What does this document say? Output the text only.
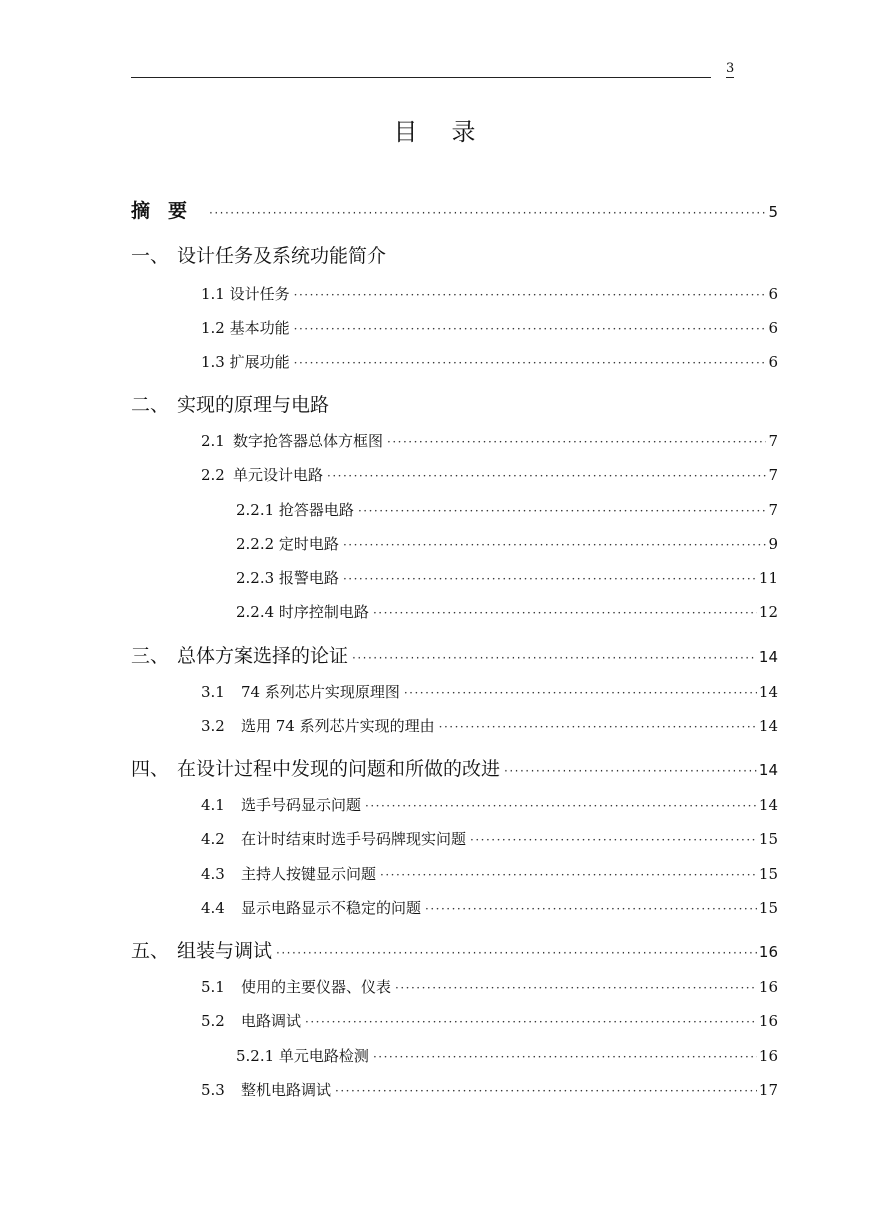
3
目录
摘要 ·····	5
一、 设计任务及系统功能简介
1.1 设计任务 ·····	6
1.2 基本功能 ·····	6
1.3 扩展功能 ·····	6
二、 实现的原理与电路
2.1 数字抢答器总体方框图 ·····	7
2.2 单元设计电路 ·····	7
2.2.1 抢答器电路 ·····	7
2.2.2 定时电路 ·····	9
2.2.3 报警电路 ·····	11
2.2.4 时序控制电路 ·····	12
三、 总体方案选择的论证 ·····	14
3.1	74 系列芯片实现原理图 ·····	14
3.2	选用 74 系列芯片实现的理由 ·····	14
四、 在设计过程中发现的问题和所做的改进 ·····	14
4.1	选手号码显示问题 ·····	14
4.2	在计时结束时选手号码牌现实问题 ·····	15
4.3	主持人按键显示问题 ·····	15
4.4	显示电路显示不稳定的问题 ·····	15
五、 组装与调试 ·····	16
5.1	使用的主要仪器、仪表 ·····	16
5.2	电路调试 ·····	16
5.2.1 单元电路检测 ·····	16
5.3	整机电路调试 ·····	17
